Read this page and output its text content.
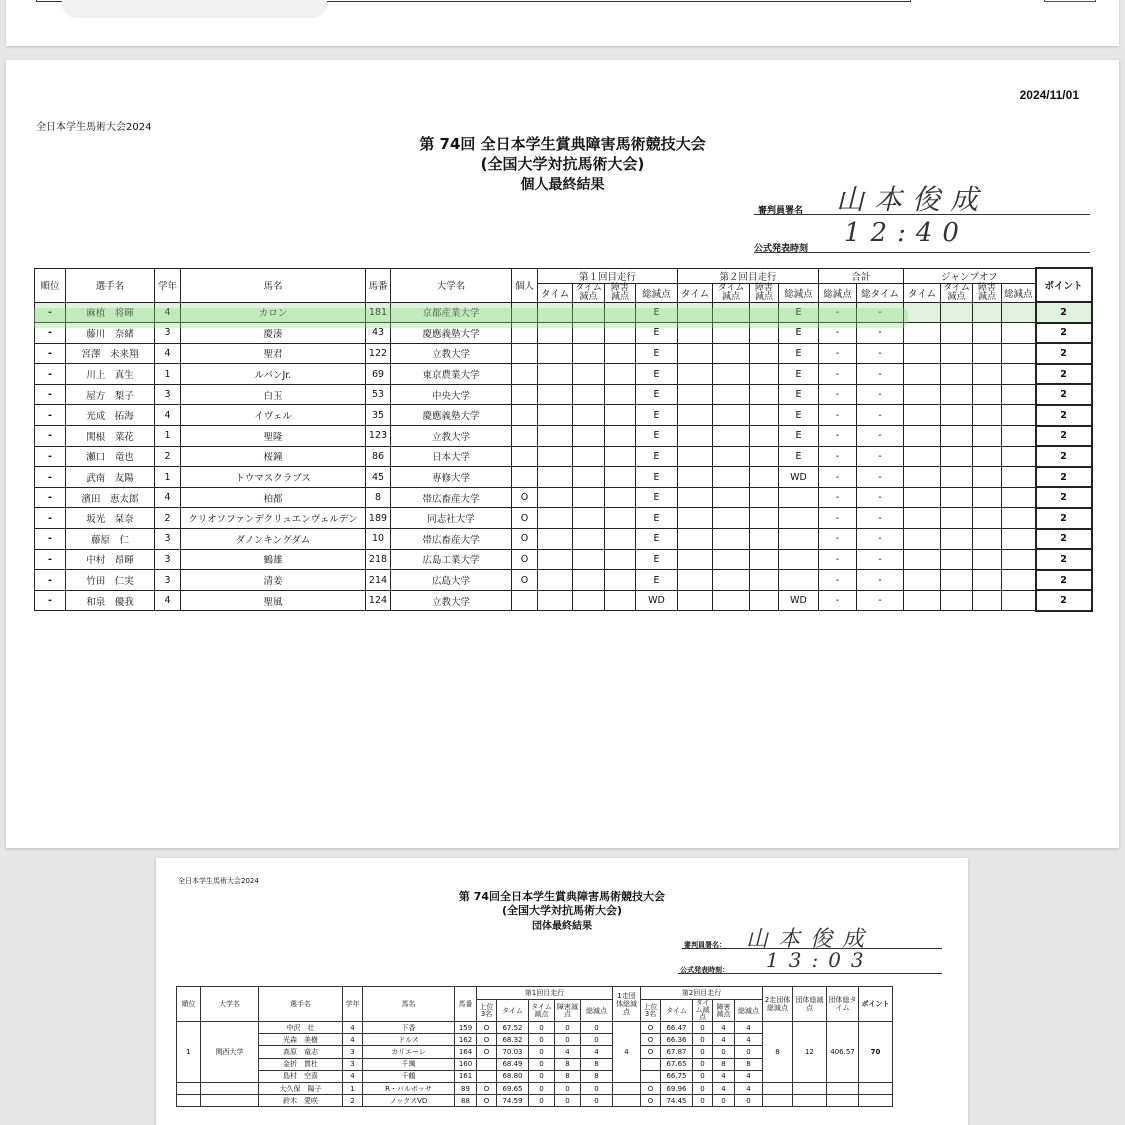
2024/11/01
全日本学生馬術大会2024
第 74回 全日本学生賞典障害馬術競技大会
(全国大学対抗馬術大会)
個人最終結果
審判員署名 山本俊成
公式発表時刻
12:40
順位	選手名	学年	馬名	馬番	大学名	個人	第１回目走行				第２回目走行				合計		ジャンプオフ				ポイント
							タイム	タイム減点	障害減点	総減点	タイム	タイム減点	障害減点	総減点	総減点	総タイム	タイム	タイム減点	障害減点	総減点	
-	麻植　将暉	4	カロン	181	京都産業大学					E				E	-	-					2
-	藤川　奈緒	3	慶湊	43	慶應義塾大学					E				E	-	-					2
-	宮澤　未来翔	4	聖君	122	立教大学					E				E	-	-					2
-	川上　真生	1	ルパンJr.	69	東京農業大学					E				E	-	-					2
-	屋方　梨子	3	白玉	53	中央大学					E				E	-	-					2
-	光成　拓海	4	イヴェル	35	慶應義塾大学					E				E	-	-					2
-	関根　菜花	1	聖隆	123	立教大学					E				E	-	-					2
-	瀬口　竜也	2	桜鐘	86	日本大学					E				E	-	-					2
-	武南　友陽	1	トウマスクラブス	45	専修大学					E				WD	-	-					2
-	濱田　恵太郎	4	柏都	8	帯広畜産大学	O				E					-	-					2
-	坂光　栞奈	2	クリオソファンデクリュエンヴェルデン	189	同志社大学	O				E					-	-					2
-	藤原　仁	3	ダノンキングダム	10	帯広畜産大学	O				E					-	-					2
-	中村　昂暉	3	鶴雄	218	広島工業大学	O				E					-	-					2
-	竹田　仁実	3	清姜	214	広島大学	O				E					-	-					2
-	和泉　優我	4	聖風	124	立教大学					WD				WD	-	-					2
全日本学生馬術大会2024
第 74回全日本学生賞典障害馬術競技大会
(全国大学対抗馬術大会)
団体最終結果
審判員署名： 山本俊成
公式発表時刻： 13:03
順位	大学名	選手名	学年	馬名	馬番	第1回目走行					1走団体総減点	第2回目走行					2走団体総減点	団体総減点	団体総タイム	ポイント
						上位3名	タイム	タイム減点	障害減点	総減点		上位3名	タイム	タイム減点	障害減点	総減点				
1	関西大学	中沢　壮	4	下香	159	O	67.52	0	0	0	4	O	66.47	0	4	4	8	12	406.57	70
		光森　美樹	4	ドルス	162	O	68.32	0	0	0		O	66.36	0	4	4				
		高原　竜志	3	カリエーレ	164	O	70.03	0	4	4		O	67.87	0	0	0				
		金折　貫杜	3	千颯	160		68.49	0	8	8			67.65	0	8	8				
		島村　空喜	4	千鶴	161		68.80	0	8	8			66.75	0	4	4				
		大久保　陽子	1	R・バルボッサ	89	O	69.65	0	0	0		O	69.96	0	4	4				
		鈴木　愛咲	2	ノックスVD	88	O	74.59	0	0	0		O	74.45	0	0	0				
